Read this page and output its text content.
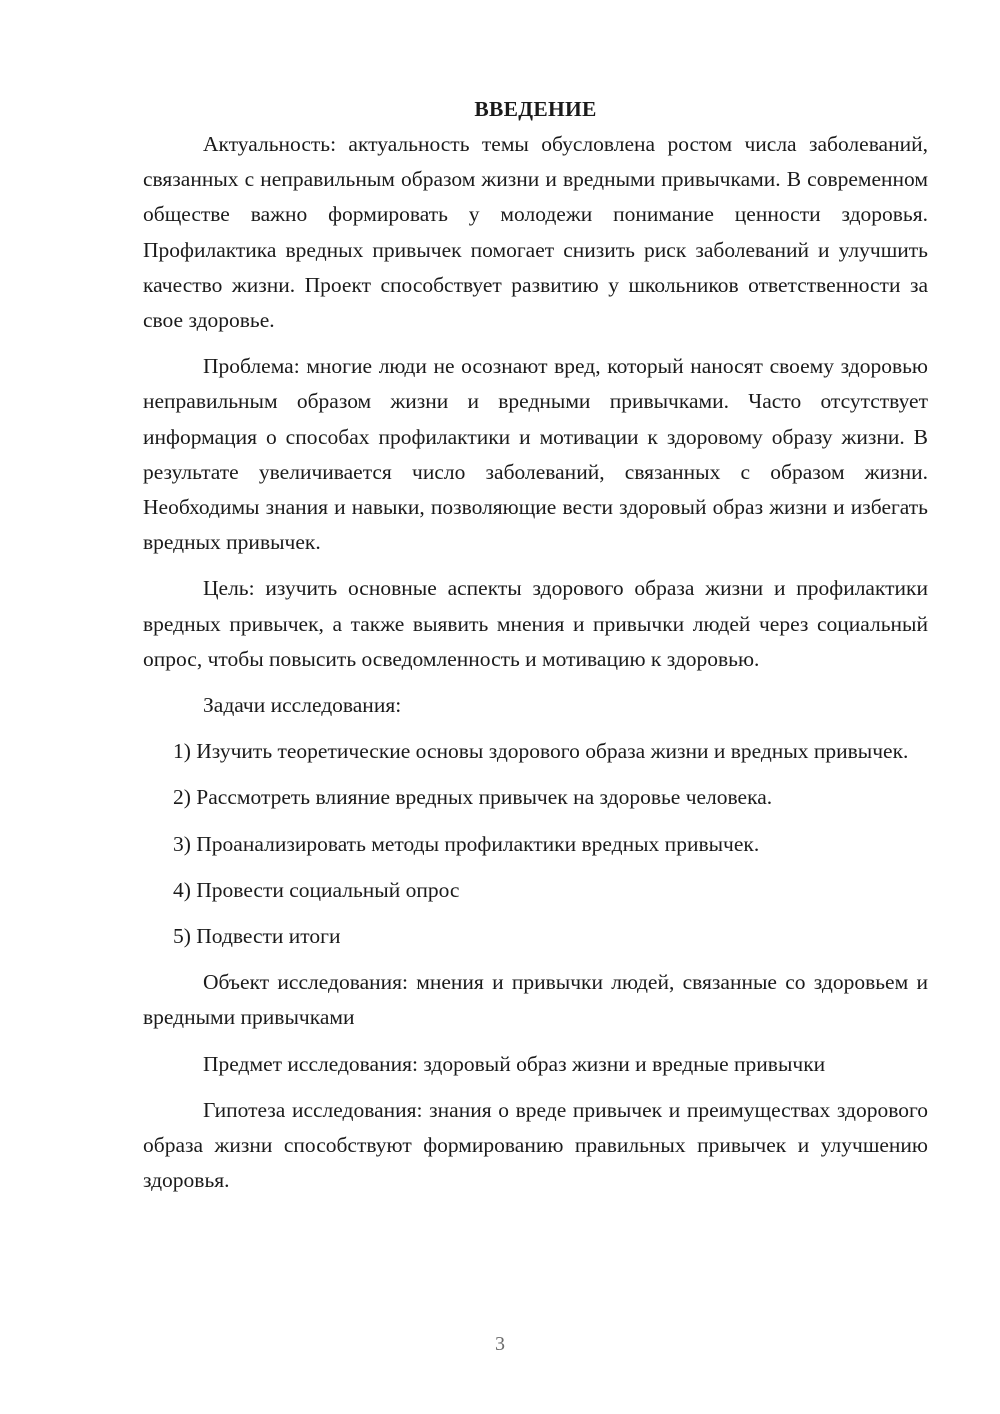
ВВЕДЕНИЕ

Актуальность: актуальность темы обусловлена ростом числа заболеваний, связанных с неправильным образом жизни и вредными привычками. В современном обществе важно формировать у молодежи понимание ценности здоровья. Профилактика вредных привычек помогает снизить риск заболеваний и улучшить качество жизни. Проект способствует развитию у школьников ответственности за свое здоровье.

Проблема: многие люди не осознают вред, который наносят своему здоровью неправильным образом жизни и вредными привычками. Часто отсутствует информация о способах профилактики и мотивации к здоровому образу жизни. В результате увеличивается число заболеваний, связанных с образом жизни. Необходимы знания и навыки, позволяющие вести здоровый образ жизни и избегать вредных привычек.

Цель: изучить основные аспекты здорового образа жизни и профилактики вредных привычек, а также выявить мнения и привычки людей через социальный опрос, чтобы повысить осведомленность и мотивацию к здоровью.

Задачи исследования:

1) Изучить теоретические основы здорового образа жизни и вредных привычек.

2) Рассмотреть влияние вредных привычек на здоровье человека.

3) Проанализировать методы профилактики вредных привычек.

4) Провести социальный опрос

5) Подвести итоги

Объект исследования: мнения и привычки людей, связанные со здоровьем и вредными привычками

Предмет исследования: здоровый образ жизни и вредные привычки

Гипотеза исследования: знания о вреде привычек и преимуществах здорового образа жизни способствуют формированию правильных привычек и улучшению здоровья.

3
